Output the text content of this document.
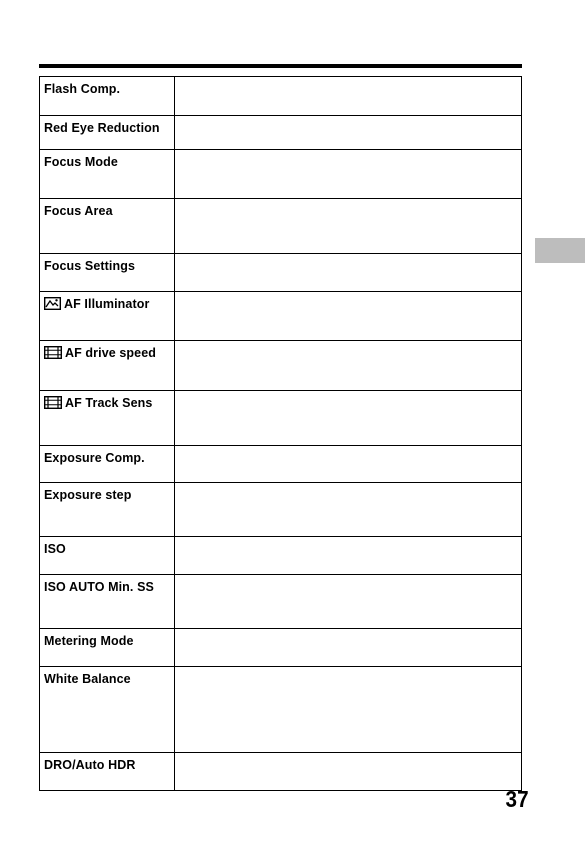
Flash Comp.	
Red Eye Reduction	
Focus Mode	
Focus Area	
Focus Settings	
AF Illuminator	
AF drive speed	
AF Track Sens	
Exposure Comp.	
Exposure step	
ISO	
ISO AUTO Min. SS	
Metering Mode	
White Balance	
DRO/Auto HDR	
37
